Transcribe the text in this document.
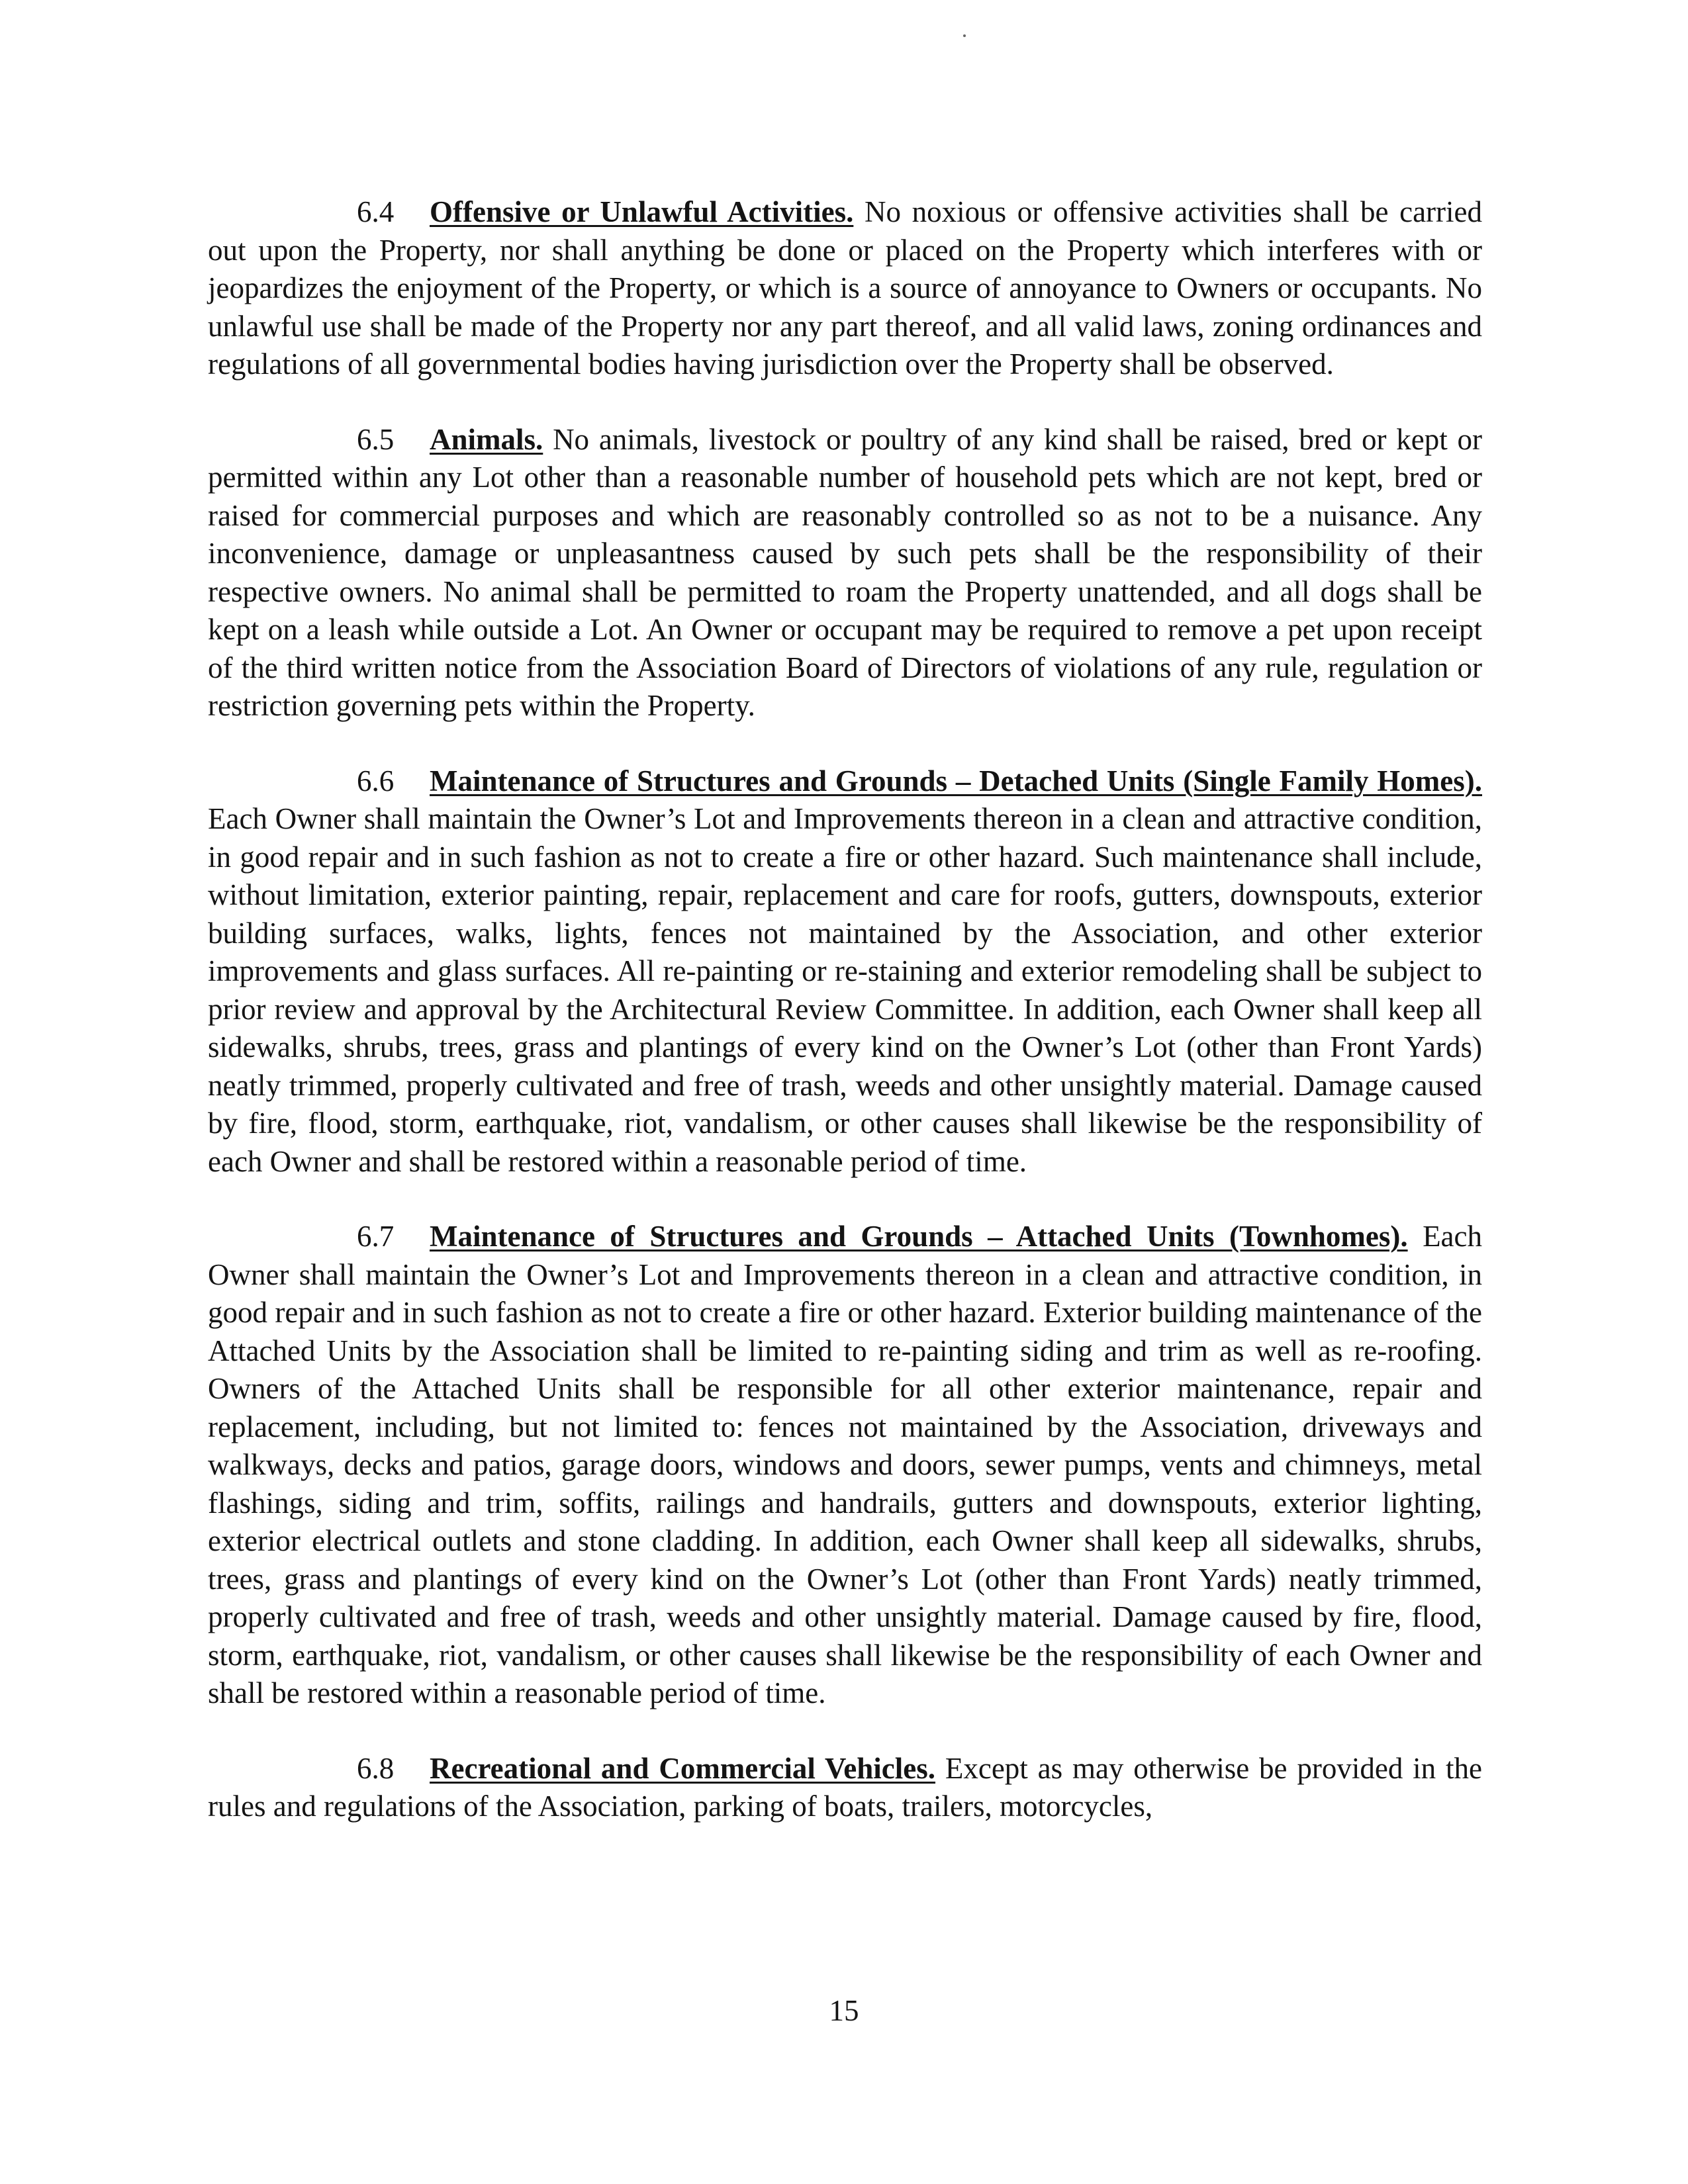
6.4 Offensive or Unlawful Activities. No noxious or offensive activities shall be carried out upon the Property, nor shall anything be done or placed on the Property which interferes with or jeopardizes the enjoyment of the Property, or which is a source of annoyance to Owners or occupants. No unlawful use shall be made of the Property nor any part thereof, and all valid laws, zoning ordinances and regulations of all governmental bodies having jurisdiction over the Property shall be observed.

6.5 Animals. No animals, livestock or poultry of any kind shall be raised, bred or kept or permitted within any Lot other than a reasonable number of household pets which are not kept, bred or raised for commercial purposes and which are reasonably controlled so as not to be a nuisance. Any inconvenience, damage or unpleasantness caused by such pets shall be the responsibility of their respective owners. No animal shall be permitted to roam the Property unattended, and all dogs shall be kept on a leash while outside a Lot. An Owner or occupant may be required to remove a pet upon receipt of the third written notice from the Association Board of Directors of violations of any rule, regulation or restriction governing pets within the Property.

6.6 Maintenance of Structures and Grounds – Detached Units (Single Family Homes). Each Owner shall maintain the Owner’s Lot and Improvements thereon in a clean and attractive condition, in good repair and in such fashion as not to create a fire or other hazard. Such maintenance shall include, without limitation, exterior painting, repair, replacement and care for roofs, gutters, downspouts, exterior building surfaces, walks, lights, fences not maintained by the Association, and other exterior improvements and glass surfaces. All re-painting or re-staining and exterior remodeling shall be subject to prior review and approval by the Architectural Review Committee. In addition, each Owner shall keep all sidewalks, shrubs, trees, grass and plantings of every kind on the Owner’s Lot (other than Front Yards) neatly trimmed, properly cultivated and free of trash, weeds and other unsightly material. Damage caused by fire, flood, storm, earthquake, riot, vandalism, or other causes shall likewise be the responsibility of each Owner and shall be restored within a reasonable period of time.

6.7 Maintenance of Structures and Grounds – Attached Units (Townhomes). Each Owner shall maintain the Owner’s Lot and Improvements thereon in a clean and attractive condition, in good repair and in such fashion as not to create a fire or other hazard. Exterior building maintenance of the Attached Units by the Association shall be limited to re-painting siding and trim as well as re-roofing. Owners of the Attached Units shall be responsible for all other exterior maintenance, repair and replacement, including, but not limited to: fences not maintained by the Association, driveways and walkways, decks and patios, garage doors, windows and doors, sewer pumps, vents and chimneys, metal flashings, siding and trim, soffits, railings and handrails, gutters and downspouts, exterior lighting, exterior electrical outlets and stone cladding. In addition, each Owner shall keep all sidewalks, shrubs, trees, grass and plantings of every kind on the Owner’s Lot (other than Front Yards) neatly trimmed, properly cultivated and free of trash, weeds and other unsightly material. Damage caused by fire, flood, storm, earthquake, riot, vandalism, or other causes shall likewise be the responsibility of each Owner and shall be restored within a reasonable period of time.

6.8 Recreational and Commercial Vehicles. Except as may otherwise be provided in the rules and regulations of the Association, parking of boats, trailers, motorcycles,

15
